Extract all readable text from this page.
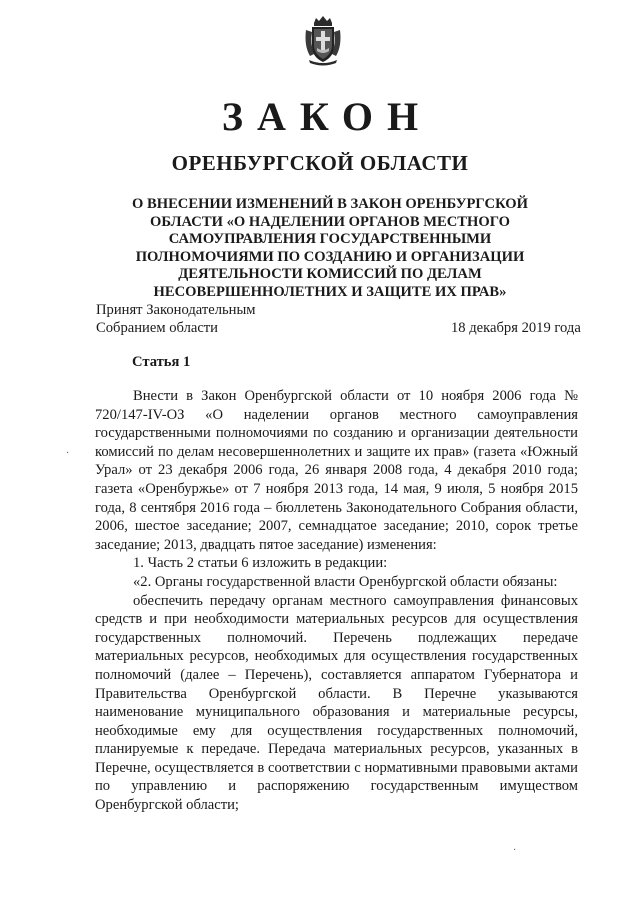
ЗАКОН
ОРЕНБУРГСКОЙ ОБЛАСТИ
О ВНЕСЕНИИ ИЗМЕНЕНИЙ В ЗАКОН ОРЕНБУРГСКОЙ ОБЛАСТИ «О НАДЕЛЕНИИ ОРГАНОВ МЕСТНОГО САМОУПРАВЛЕНИЯ ГОСУДАРСТВЕННЫМИ ПОЛНОМОЧИЯМИ ПО СОЗДАНИЮ И ОРГАНИЗАЦИИ ДЕЯТЕЛЬНОСТИ КОМИССИЙ ПО ДЕЛАМ НЕСОВЕРШЕННОЛЕТНИХ И ЗАЩИТЕ ИХ ПРАВ»
Принят Законодательным
Собранием области	18 декабря 2019 года
Статья 1

Внести в Закон Оренбургской области от 10 ноября 2006 года № 720/147-IV-ОЗ «О наделении органов местного самоуправления государственными полномочиями по созданию и организации деятельности комиссий по делам несовершеннолетних и защите их прав» (газета «Южный Урал» от 23 декабря 2006 года, 26 января 2008 года, 4 декабря 2010 года; газета «Оренбуржье» от 7 ноября 2013 года, 14 мая, 9 июля, 5 ноября 2015 года, 8 сентября 2016 года – бюллетень Законодательного Собрания области, 2006, шестое заседание; 2007, семнадцатое заседание; 2010, сорок третье заседание; 2013, двадцать пятое заседание) изменения:

1. Часть 2 статьи 6 изложить в редакции:

«2. Органы государственной власти Оренбургской области обязаны:

обеспечить передачу органам местного самоуправления финансовых средств и при необходимости материальных ресурсов для осуществления государственных полномочий. Перечень подлежащих передаче материальных ресурсов, необходимых для осуществления государственных полномочий (далее – Перечень), составляется аппаратом Губернатора и Правительства Оренбургской области. В Перечне указываются наименование муниципального образования и материальные ресурсы, необходимые ему для осуществления государственных полномочий, планируемые к передаче. Передача материальных ресурсов, указанных в Перечне, осуществляется в соответствии с нормативными правовыми актами по управлению и распоряжению государственным имуществом Оренбургской области;

·
·
